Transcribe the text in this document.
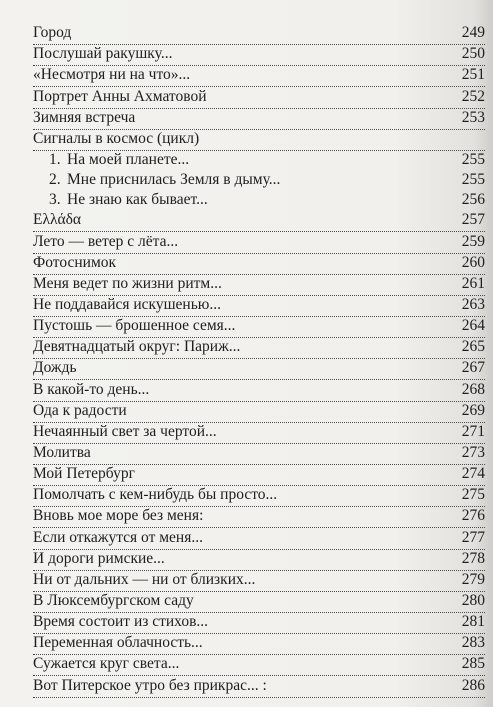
Город	249
Послушай ракушку...	250
«Несмотря ни на что»...	251
Портрет Анны Ахматовой	252
Зимняя встреча	253
Сигналы в космос (цикл)
1. На моей планете...	255
2. Мне приснилась Земля в дыму...	255
3. Не знаю как бывает...	256
Ελλάδα	257
Лето — ветер с лёта...	259
Фотоснимок	260
Меня ведет по жизни ритм...	261
Не поддавайся искушенью...	263
Пустошь — брошенное семя...	264
Девятнадцатый округ: Париж...	265
Дождь	267
В какой-то день...	268
Ода к радости	269
Нечаянный свет за чертой...	271
Молитва	273
Мой Петербург	274
Помолчать с кем-нибудь бы просто...	275
Вновь мое море без меня:	276
Если откажутся от меня...	277
И дороги римские...	278
Ни от дальних — ни от близких...	279
В Люксембургском саду	280
Время состоит из стихов...	281
Переменная облачность...	283
Сужается круг света...	285
Вот Питерское утро без прикрас... :	286
